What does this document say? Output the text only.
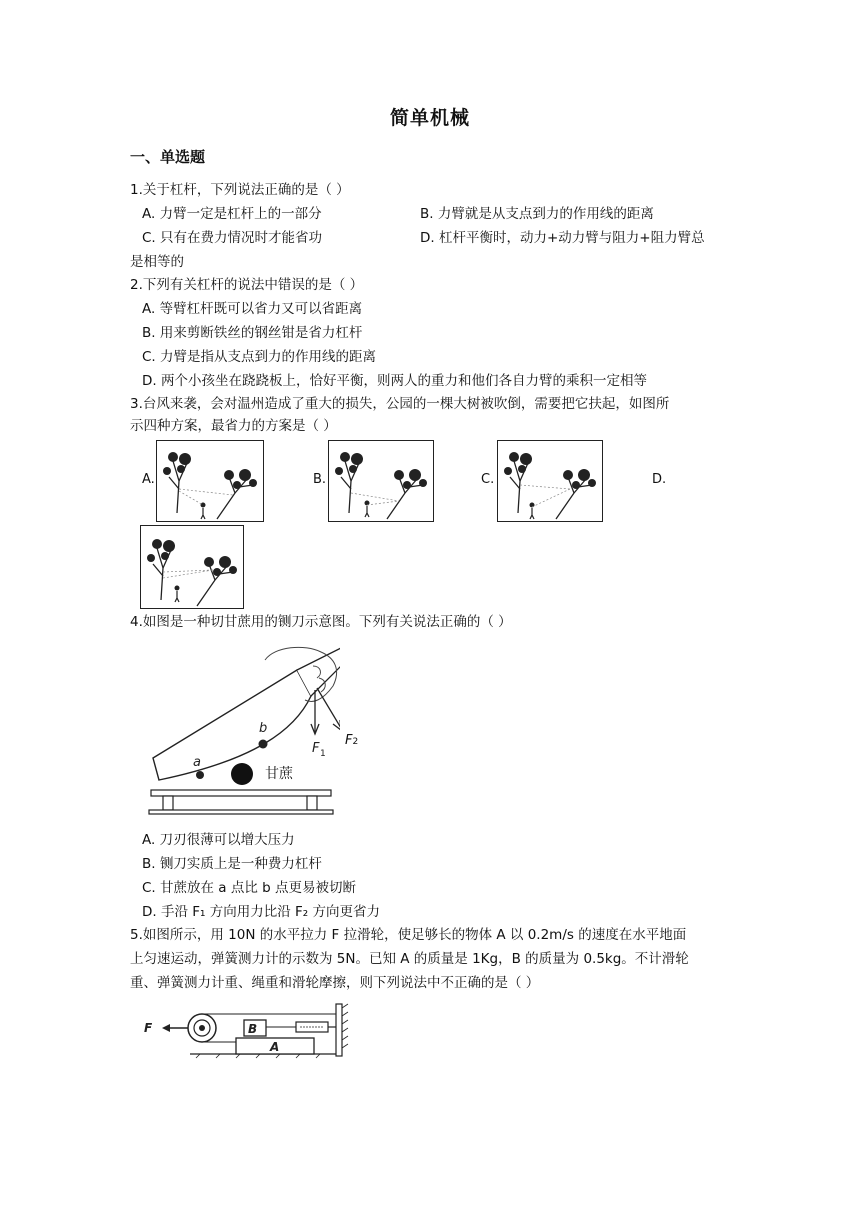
简单机械
一、单选题
1.关于杠杆，下列说法正确的是（ ）
A. 力臂一定是杠杆上的一部分	B. 力臂就是从支点到力的作用线的距离
C. 只有在费力情况时才能省功	D. 杠杆平衡时，动力+动力臂与阻力+阻力臂总
是相等的
2.下列有关杠杆的说法中错误的是（ ）
A. 等臂杠杆既可以省力又可以省距离
B. 用来剪断铁丝的钢丝钳是省力杠杆
C. 力臂是指从支点到力的作用线的距离
D. 两个小孩坐在跷跷板上，恰好平衡，则两人的重力和他们各自力臂的乘积一定相等
3.台风来袭，会对温州造成了重大的损失，公园的一棵大树被吹倒，需要把它扶起，如图所
示四种方案，最省力的方案是（ ）
A.	B.	C.	D.
4.如图是一种切甘蔗用的铡刀示意图。下列有关说法正确的（ ）
a
b
F 1
F2
甘蔗
A. 刀刃很薄可以增大压力
B. 铡刀实质上是一种费力杠杆
C. 甘蔗放在 a 点比 b 点更易被切断
D. 手沿 F₁ 方向用力比沿 F₂ 方向更省力
5.如图所示，用 10N 的水平拉力 F 拉滑轮，使足够长的物体 A 以 0.2m/s 的速度在水平地面
上匀速运动，弹簧测力计的示数为 5N。已知 A 的质量是 1Kg，B 的质量为 0.5kg。不计滑轮
重、弹簧测力计重、绳重和滑轮摩擦，则下列说法中不正确的是（ ）
A
B
F
